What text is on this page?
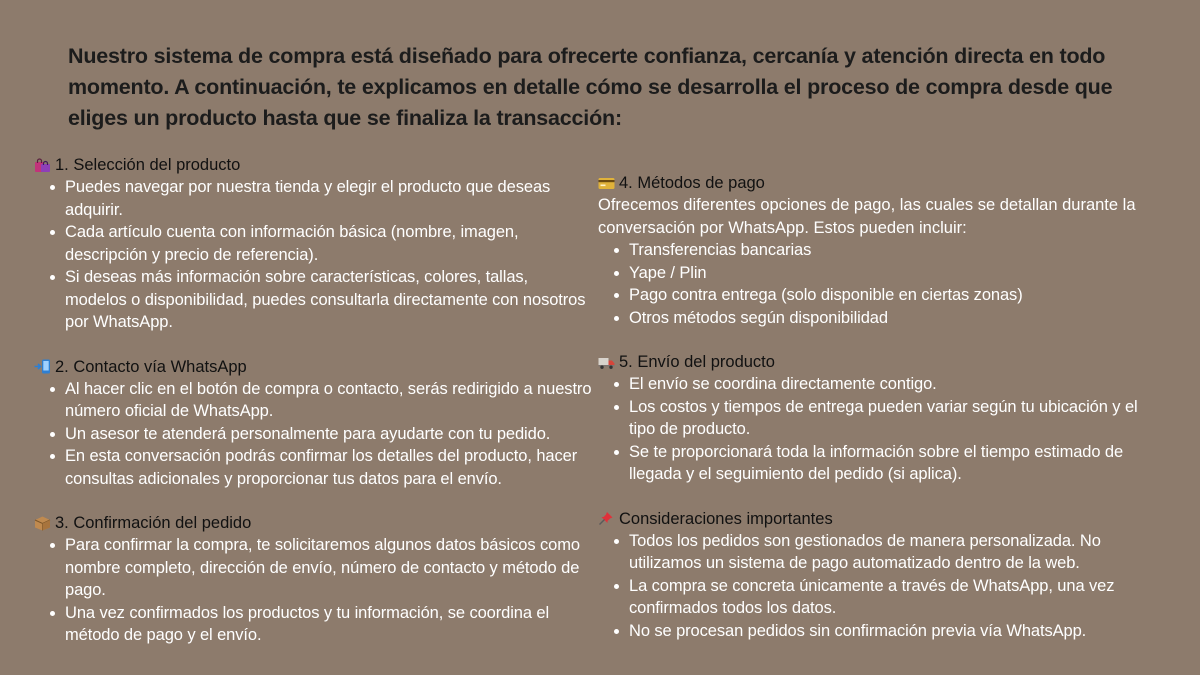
Nuestro sistema de compra está diseñado para ofrecerte confianza, cercanía y atención directa en todo momento. A continuación, te explicamos en detalle cómo se desarrolla el proceso de compra desde que eliges un producto hasta que se finaliza la transacción:
1. Selección del producto
Puedes navegar por nuestra tienda y elegir el producto que deseas adquirir.
Cada artículo cuenta con información básica (nombre, imagen, descripción y precio de referencia).
Si deseas más información sobre características, colores, tallas, modelos o disponibilidad, puedes consultarla directamente con nosotros por WhatsApp.
2. Contacto vía WhatsApp
Al hacer clic en el botón de compra o contacto, serás redirigido a nuestro número oficial de WhatsApp.
Un asesor te atenderá personalmente para ayudarte con tu pedido.
En esta conversación podrás confirmar los detalles del producto, hacer consultas adicionales y proporcionar tus datos para el envío.
3. Confirmación del pedido
Para confirmar la compra, te solicitaremos algunos datos básicos como nombre completo, dirección de envío, número de contacto y método de pago.
Una vez confirmados los productos y tu información, se coordina el método de pago y el envío.
4. Métodos de pago

Ofrecemos diferentes opciones de pago, las cuales se detallan durante la conversación por WhatsApp. Estos pueden incluir:

Transferencias bancarias
Yape / Plin
Pago contra entrega (solo disponible en ciertas zonas)
Otros métodos según disponibilidad
5. Envío del producto
El envío se coordina directamente contigo.
Los costos y tiempos de entrega pueden variar según tu ubicación y el tipo de producto.
Se te proporcionará toda la información sobre el tiempo estimado de llegada y el seguimiento del pedido (si aplica).
Consideraciones importantes
Todos los pedidos son gestionados de manera personalizada. No utilizamos un sistema de pago automatizado dentro de la web.
La compra se concreta únicamente a través de WhatsApp, una vez confirmados todos los datos.
No se procesan pedidos sin confirmación previa vía WhatsApp.
